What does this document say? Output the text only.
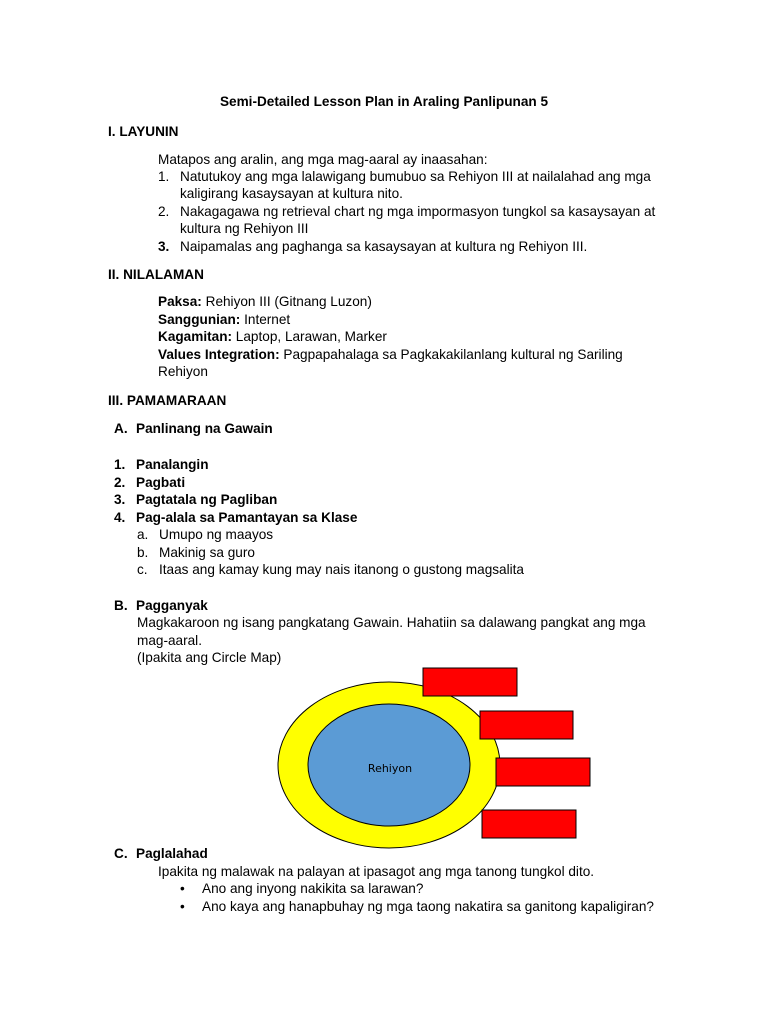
Semi-Detailed Lesson Plan in Araling Panlipunan 5
I. LAYUNIN
Matapos ang aralin, ang mga mag-aaral ay inaasahan:
1. Natutukoy ang mga lalawigang bumubuo sa Rehiyon III at nailalahad ang mga
kaligirang kasaysayan at kultura nito.
2. Nakagagawa ng retrieval chart ng mga impormasyon tungkol sa kasaysayan at
kultura ng Rehiyon III
3. Naipamalas ang paghanga sa kasaysayan at kultura ng Rehiyon III.
II. NILALAMAN
Paksa: Rehiyon III (Gitnang Luzon)
Sanggunian: Internet
Kagamitan: Laptop, Larawan, Marker
Values Integration: Pagpapahalaga sa Pagkakakilanlang kultural ng Sariling
Rehiyon
III. PAMAMARAAN
A. Panlinang na Gawain
1. Panalangin
2. Pagbati
3. Pagtatala ng Pagliban
4. Pag-alala sa Pamantayan sa Klase
a. Umupo ng maayos
b. Makinig sa guro
c. Itaas ang kamay kung may nais itanong o gustong magsalita
B. Pagganyak
Magkakaroon ng isang pangkatang Gawain. Hahatiin sa dalawang pangkat ang mga
mag-aaral.
(Ipakita ang Circle Map)
Rehiyon
C. Paglalahad
Ipakita ng malawak na palayan at ipasagot ang mga tanong tungkol dito.
• Ano ang inyong nakikita sa larawan?
• Ano kaya ang hanapbuhay ng mga taong nakatira sa ganitong kapaligiran?
